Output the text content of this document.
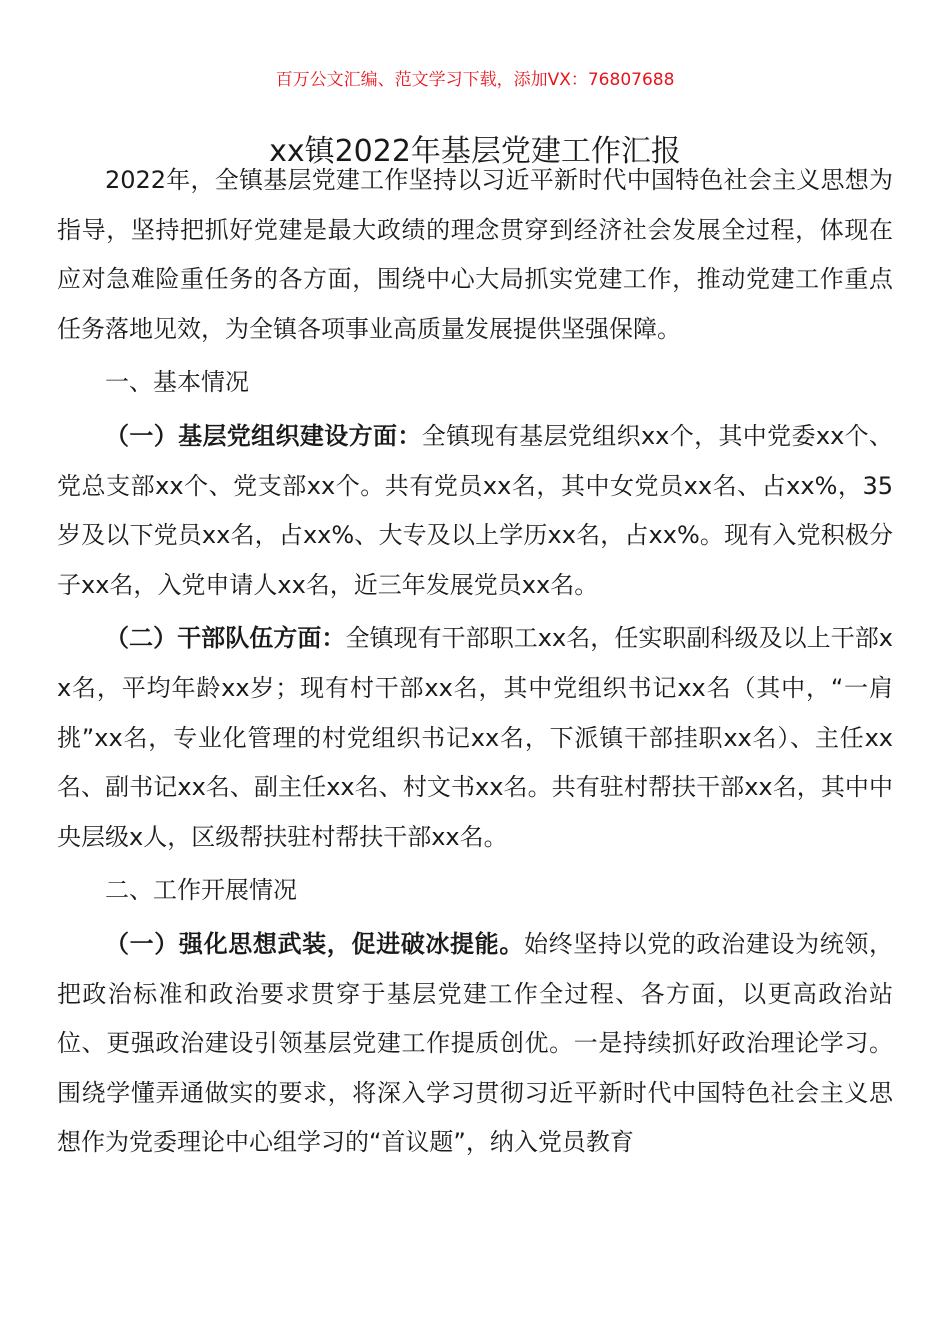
百万公文汇编、范文学习下载，添加VX：76807688
xx镇2022年基层党建工作汇报

2022年，全镇基层党建工作坚持以习近平新时代中国特色社会主义思想为指导，坚持把抓好党建是最大政绩的理念贯穿到经济社会发展全过程，体现在应对急难险重任务的各方面，围绕中心大局抓实党建工作，推动党建工作重点任务落地见效，为全镇各项事业高质量发展提供坚强保障。

一、基本情况

（一）基层党组织建设方面：全镇现有基层党组织xx个，其中党委xx个、党总支部xx个、党支部xx个。共有党员xx名，其中女党员xx名、占xx%，35岁及以下党员xx名，占xx%、大专及以上学历xx名，占xx%。现有入党积极分子xx名，入党申请人xx名，近三年发展党员xx名。

（二）干部队伍方面：全镇现有干部职工xx名，任实职副科级及以上干部xx名，平均年龄xx岁；现有村干部xx名，其中党组织书记xx名（其中，“一肩挑”xx名，专业化管理的村党组织书记xx名，下派镇干部挂职xx名）、主任xx名、副书记xx名、副主任xx名、村文书xx名。共有驻村帮扶干部xx名，其中中央层级x人，区级帮扶驻村帮扶干部xx名。

二、工作开展情况

（一）强化思想武装，促进破冰提能。始终坚持以党的政治建设为统领，把政治标准和政治要求贯穿于基层党建工作全过程、各方面，以更高政治站位、更强政治建设引领基层党建工作提质创优。一是持续抓好政治理论学习。围绕学懂弄通做实的要求，将深入学习贯彻习近平新时代中国特色社会主义思想作为党委理论中心组学习的“首议题”，纳入党员教育
